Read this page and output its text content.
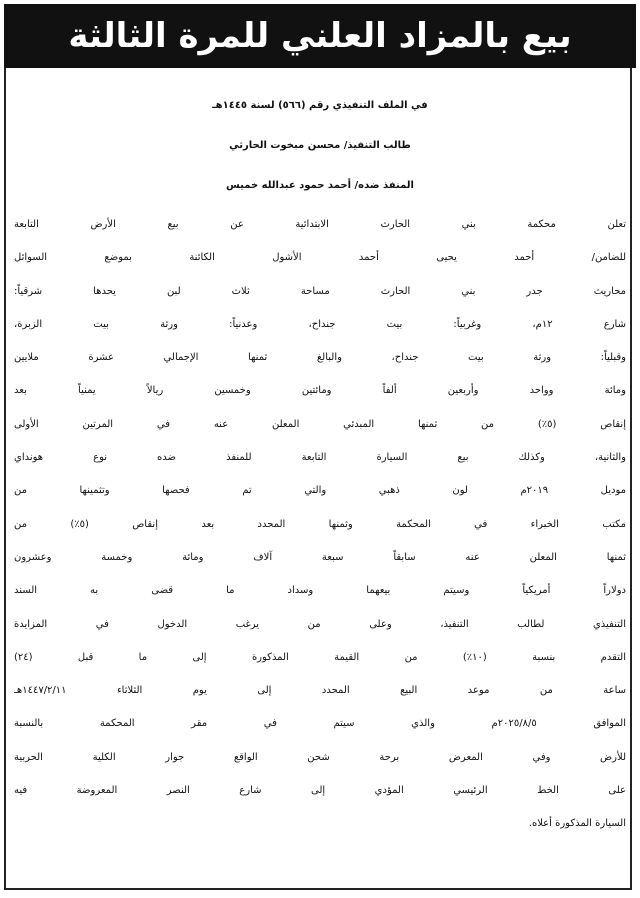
بيع بالمزاد العلني للمرة الثالثة
في الملف التنفيذي رقم (٥٦٦) لسنة ١٤٤٥هـ
طالب التنفيذ/ محسن مبخوت الحارثي
المنفذ ضده/ أحمد حمود عبدالله خميس
تعلن محكمة بني الحارث الابتدائية عن بيع الأرض التابعة
للضامن/ أحمد يحيى أحمد الأشول الكائنة بموضع السوائل
محاريث جدر بني الحارث مساحة ثلاث لبن يحدها شرقياً:
شارع ١٢م، وغربياً: بيت جنداح، وعدنياً: ورثة بيت الزبرة،
وقبلياً: ورثة بيت جنداح، والبالغ ثمنها الإجمالي عشرة ملايين
ومائة وواحد وأربعين ألفاً ومائتين وخمسين ريالاً يمنياً بعد
إنقاص (٥٪) من ثمنها المبدئي المعلن عنه في المرتين الأولى
والثانية، وكذلك بيع السيارة التابعة للمنفذ ضده نوع هونداي
موديل ٢٠١٩م لون ذهبي والتي تم فحصها وتثمينها من
مكتب الخبراء في المحكمة وثمنها المحدد بعد إنقاص (٥٪) من
ثمنها المعلن عنه سابقاً سبعة آلاف ومائة وخمسة وعشرون
دولاراً أمريكياً وسيتم بيعهما وسداد ما قضى به السند
التنفيذي لطالب التنفيذ، وعلى من يرغب الدخول في المزايدة
التقدم بنسبة (١٠٪) من القيمة المذكورة إلى ما قبل (٢٤)
ساعة من موعد البيع المحدد إلى يوم الثلاثاء ١٤٤٧/٢/١١هـ
الموافق ٢٠٢٥/٨/٥م والذي سيتم في مقر المحكمة بالنسبة
للأرض وفي المعرض برحة شحن الواقع جوار الكلية الحربية
على الخط الرئيسي المؤدي إلى شارع النصر المعروضة فيه
السيارة المذكورة أعلاه.
